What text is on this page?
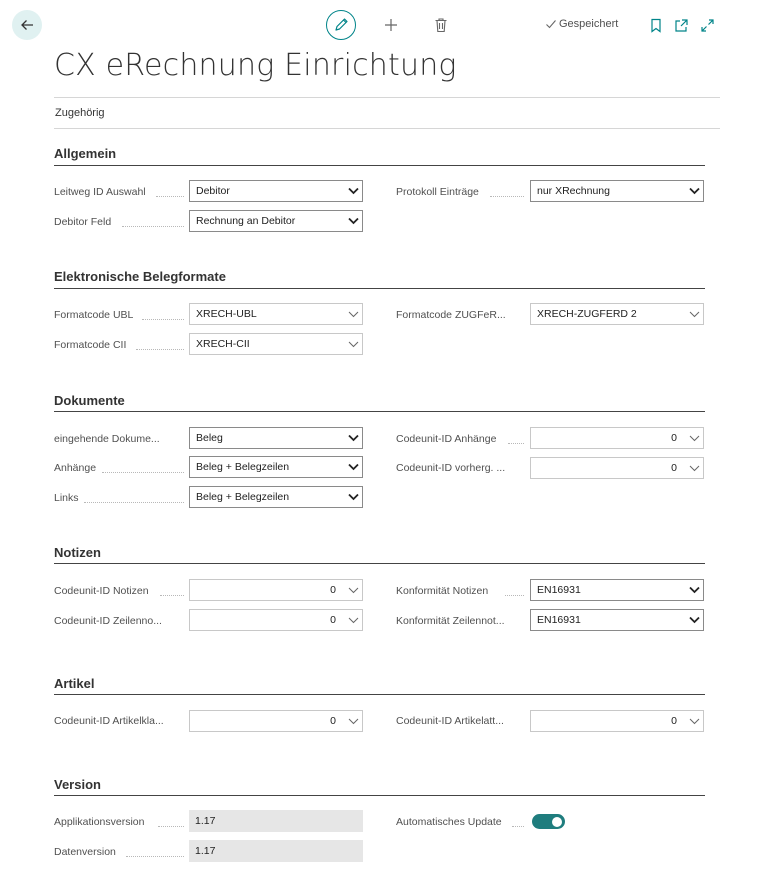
Gespeichert
CX eRechnung Einrichtung
Zugehörig
Allgemein
Leitweg ID Auswahl	Debitor
Debitor Feld	Rechnung an Debitor
Protokoll Einträge	nur XRechnung
Elektronische Belegformate
Formatcode UBL	XRECH-UBL
Formatcode CII	XRECH-CII
Formatcode ZUGFeR...	XRECH-ZUGFERD 2
Dokumente
eingehende Dokume...	Beleg
Anhänge	Beleg + Belegzeilen
Links	Beleg + Belegzeilen
Codeunit-ID Anhänge	0
Codeunit-ID vorherg. ...	0
Notizen
Codeunit-ID Notizen	0
Codeunit-ID Zeilenno...	0
Konformität Notizen	EN16931
Konformität Zeilennot...	EN16931
Artikel
Codeunit-ID Artikelkla...	0	Codeunit-ID Artikelatt...	0
Version
Applikationsversion	1.17
Datenversion	1.17
Automatisches Update
